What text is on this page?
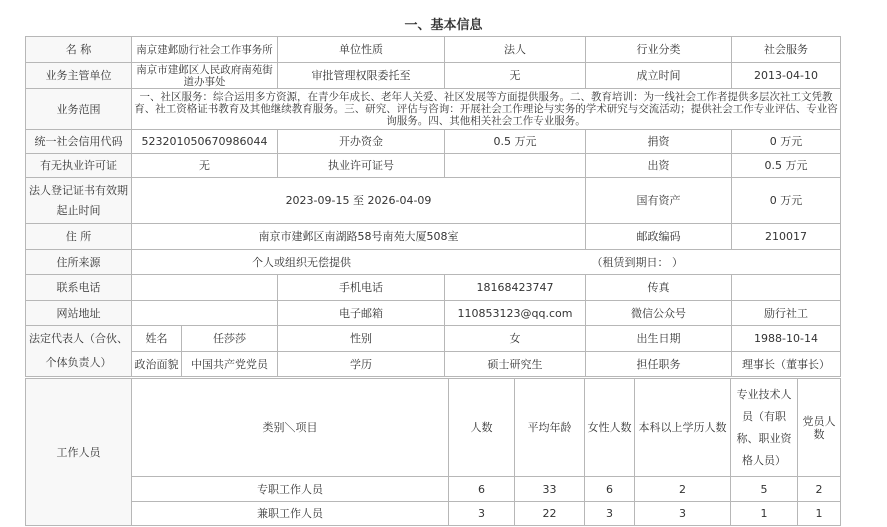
一、基本信息
名 称	南京建邺励行社会工作事务所		单位性质	法人	行业分类	社会服务
业务主管单位	南京市建邺区人民政府南苑街道办事处		审批管理权限委托至	无	成立时间	2013-04-10
业务范围	一、社区服务：综合运用多方资源，在青少年成长、老年人关爱、社区发展等方面提供服务。二、教育培训：为一线社会工作者提供多层次社工文凭教育、社工资格证书教育及其他继续教育服务。三、研究、评估与咨询：开展社会工作理论与实务的学术研究与交流活动；提供社会工作专业评估、专业咨询服务。四、其他相关社会工作专业服务。					
统一社会信用代码	52320105067098604​4		开办资金	0.5 万元	捐资	0 万元
有无执业许可证	无		执业许可证号		出资	0.5 万元
法人登记证书有效期起止时间	2023-09-15 至 2026-04-09				国有资产	0 万元
住 所	南京市建邺区南湖路58号南苑大厦508室				邮政编码	210017
住所来源	个人或组织无偿提供				（租赁到期日： ）	
联系电话			手机电话	18168423747	传真	
网站地址			电子邮箱	110853123@qq.com	微信公众号	励行社工
法定代表人（合伙、个体负责人）	姓名	任莎莎	性别	女	出生日期	1988-10-14
	政治面貌	中国共产党党员	学历	硕士研究生	担任职务	理事长（董事长）
工作人员	类别＼项目	人数	平均年龄	女性人数	本科以上学历人数	专业技术人员（有职称、职业资格人员）	党员人数
	专职工作人员	6	33	6	2	5	2
	兼职工作人员	3	22	3	3	1	1
